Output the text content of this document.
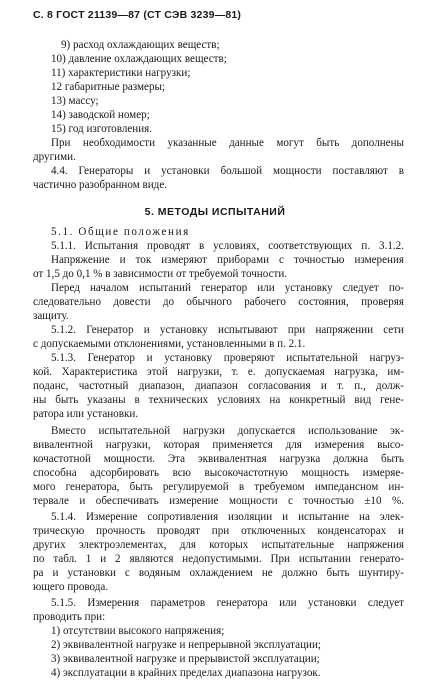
С. 8 ГОСТ 21139—87 (СТ СЭВ 3239—81)
9) расход охлаждающих веществ;
10) давление охлаждающих веществ;
11) характеристики нагрузки;
12 габаритные размеры;
13) массу;
14) заводской номер;
15) год изготовления.
При необходимости указанные данные могут быть дополнены
другими.
4.4. Генераторы и установки большой мощности поставляют в
частично разобранном виде.
5. МЕТОДЫ ИСПЫТАНИЙ
5.1. Общие положения
5.1.1. Испытания проводят в условиях, соответствующих п. 3.1.2.
Напряжение и ток измеряют приборами с точностью измерения
от 1,5 до 0,1 % в зависимости от требуемой точности.
Перед началом испытаний генератор или установку следует по-
следовательно довести до обычного рабочего состояния, проверяя
защиту.
5.1.2. Генератор и установку испытывают при напряжении сети
с допускаемыми отклонениями, установленными в п. 2.1.
5.1.3. Генератор и установку проверяют испытательной нагруз-
кой. Характеристика этой нагрузки, т. е. допускаемая нагрузка, им-
поданс, частотный диапазон, диапазон согласования и т. п., долж-
ны быть указаны в технических условиях на конкретный вид гене-
ратора или установки.
Вместо испытательной нагрузки допускается использование эк-
вивалентной нагрузки, которая применяется для измерения высо-
кочастотной мощности. Эта эквивалентная нагрузка должна быть
способна адсорбировать всю высокочастотную мощность измеряе-
мого генератора, быть регулируемой в требуемом импедансном ин-
тервале и обеспечивать измерение мощности с точностью ±10 %.
5.1.4. Измерение сопротивления изоляции и испытание на элек-
трическую прочность проводят при отключенных конденсаторах и
других электроэлементах, для которых испытательные напряжения
по табл. 1 и 2 являются недопустимыми. При испытании генерато-
ра и установки с водяным охлаждением не должно быть шунтиру-
ющего провода.
5.1.5. Измерения параметров генератора или установки следует
проводить при:
1) отсутствии высокого напряжения;
2) эквивалентной нагрузке и непрерывной эксплуатации;
3) эквивалентной нагрузке и прерывистой эксплуатации;
4) эксплуатации в крайних пределах диапазона нагрузок.
